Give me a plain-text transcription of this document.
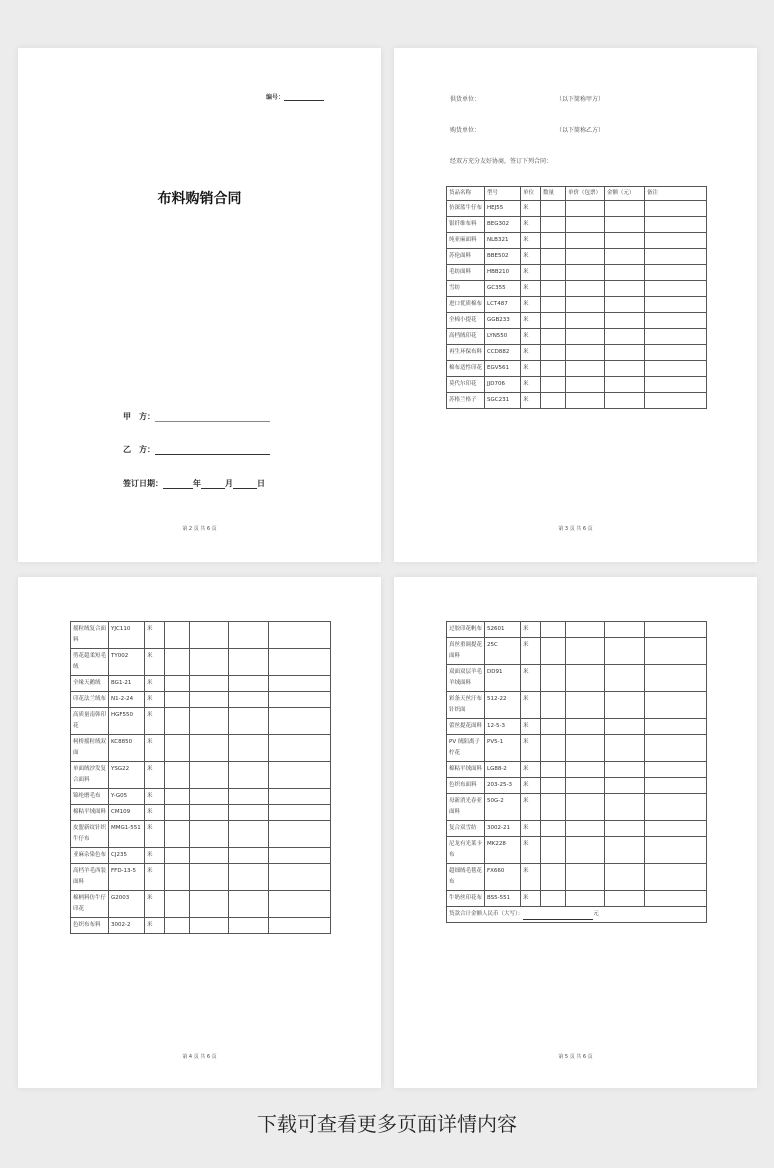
编号：
布料购销合同
甲　方：
乙　方：
签订日期：	年	月	日
第 2 页 共 6 页
供货单位：	（以下简称甲方）
购货单位：	（以下简称乙方）
经双方充分友好协商，签订下列合同：
货品名称	型号	单位	数量	单价（包票）	金额（元）	备注
仿深蓝牛仔布	HEJ55	米				
银纤维布料	BEG302	米				
纯亚麻面料	NLB321	米				
苏伦面料	BBE502	米				
毛纺面料	HBB210	米				
雪纺	GC355	米				
进口优质棉布	LCT487	米				
全棉小提花	GGB233	米				
高档绒印花	LYN550	米				
再生环保布料	CCD882	米				
棉布适性印花	EGV561	米				
莫代尔印花	JJD706	米				
苏格兰格子	SGC231	米				
第 3 页 共 6 页
摇粒绒复合面料	YJC110	米				
剪花超柔短毛绒	TY002	米				
全缘天鹅绒	BG1-21	米				
印花法兰绒布	N1-2-24	米				
高质量南韩印花	HGF550	米				
柯桥摇粒绒双面	KC8850	米				
单面绒沙发复合面料	YSG22	米				
锦纶磨毛布	Y-G05	米				
棉粘平绒面料	CM109	米				
皮盟新纹针织牛仔布	MMG1-551	米				
亚麻杂染色布	CJ235	米				
高档羊毛西装面料	FFD-13-5	米				
棉柄料仿牛仔印花	G2003	米				
色织布布料	3002-2	米				
第 4 页 共 6 页
过胶印花帆布	52601	米				
真丝重调提花面料	25C	米				
双面双层羊毛羊绒面料	DD91	米				
彩条天丝汗布针织面	512-22	米				
蕾丝提花面料	12-5-3	米				
PV 绒阳离子柠花	PV5-1	米				
棉粘平绒面料	LG88-2	米				
色织布面料	203-25-3	米				
母新消光春亚面料	50G-2	米				
复合双雪纺	3002-21	米				
尼龙有光莱卡布	MK228	米				
超细绒毛毯花布	FX660	米				
牛奶丝印花布	BS5-551	米				
货款合计金额人民币（大写）： 元						
第 5 页 共 6 页
下载可查看更多页面详情内容
